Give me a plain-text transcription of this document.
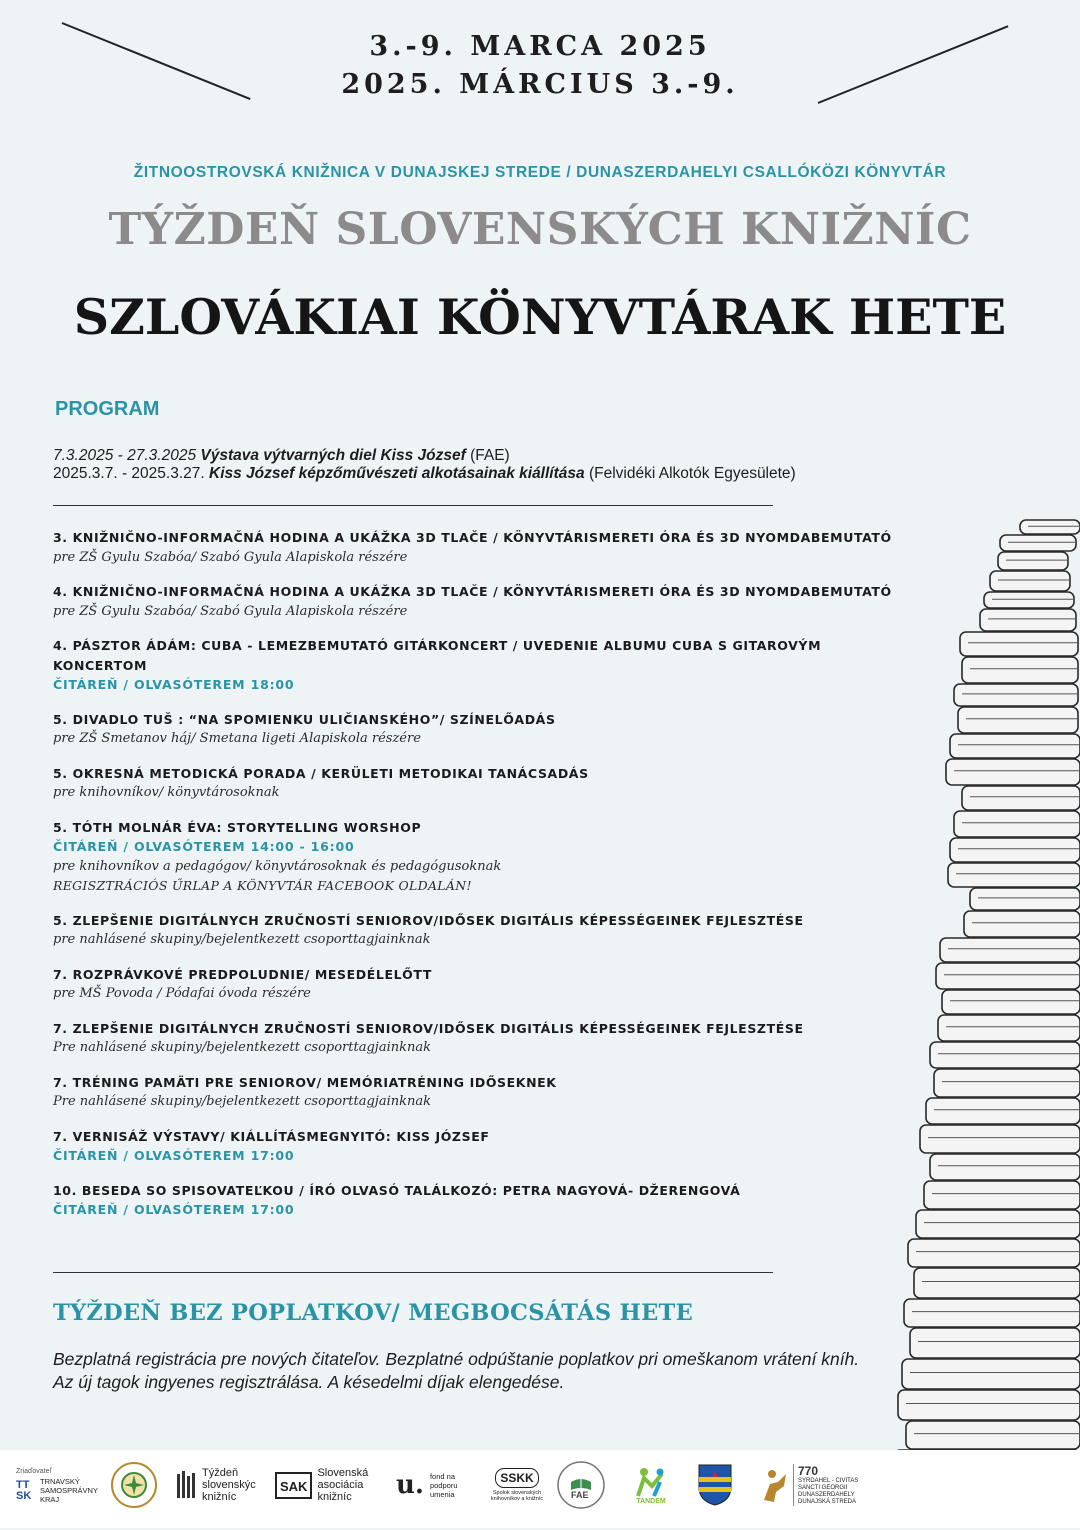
3.-9. MARCA 2025
2025. MÁRCIUS 3.-9.
ŽITNOOSTROVSKÁ KNIŽNICA V DUNAJSKEJ STREDE / DUNASZERDAHELYI CSALLÓKÖZI KÖNYVTÁR
TÝŽDEŇ SLOVENSKÝCH KNIŽNÍC
SZLOVÁKIAI KÖNYVTÁRAK HETE
PROGRAM
7.3.2025 - 27.3.2025 Výstava výtvarných diel Kiss József (FAE)
2025.3.7. - 2025.3.27. Kiss József képzőművészeti alkotásainak kiállítása (Felvidéki Alkotók Egyesülete)
3. KNIŽNIČNO-INFORMAČNÁ HODINA A UKÁŽKA 3D TLAČE / KÖNYVTÁRISMERETI ÓRA ÉS 3D NYOMDABEMUTATÓ
pre ZŠ Gyulu Szabóa/ Szabó Gyula Alapiskola részére
4. KNIŽNIČNO-INFORMAČNÁ HODINA A UKÁŽKA 3D TLAČE / KÖNYVTÁRISMERETI ÓRA ÉS 3D NYOMDABEMUTATÓ
pre ZŠ Gyulu Szabóa/ Szabó Gyula Alapiskola részére
4. PÁSZTOR ÁDÁM: CUBA - LEMEZBEMUTATÓ GITÁRKONCERT / UVEDENIE ALBUMU CUBA S GITAROVÝM KONCERTOM
ČITÁREŇ / OLVASÓTEREM 18:00
5. DIVADLO TUŠ : “NA SPOMIENKU ULIČIANSKÉHO”/ SZÍNELŐADÁS
pre ZŠ Smetanov háj/ Smetana ligeti Alapiskola részére
5. OKRESNÁ METODICKÁ PORADA / KERÜLETI METODIKAI TANÁCSADÁS
pre knihovníkov/ könyvtárosoknak
5. TÓTH MOLNÁR ÉVA: STORYTELLING WORSHOP
ČITÁREŇ / OLVASÓTEREM 14:00 - 16:00
pre knihovníkov a pedagógov/ könyvtárosoknak és pedagógusoknak
REGISZTRÁCIÓS ŰRLAP A KÖNYVTÁR FACEBOOK OLDALÁN!
5. ZLEPŠENIE DIGITÁLNYCH ZRUČNOSTÍ SENIOROV/IDŐSEK DIGITÁLIS KÉPESSÉGEINEK FEJLESZTÉSE
pre nahlásené skupiny/bejelentkezett csoporttagjainknak
7. ROZPRÁVKOVÉ PREDPOLUDNIE/ MESEDÉLELŐTT
pre MŠ Povoda / Pódafai óvoda részére
7. ZLEPŠENIE DIGITÁLNYCH ZRUČNOSTÍ SENIOROV/IDŐSEK DIGITÁLIS KÉPESSÉGEINEK FEJLESZTÉSE
Pre nahlásené skupiny/bejelentkezett csoporttagjainknak
7. TRÉNING PAMÄTI PRE SENIOROV/ MEMÓRIATRÉNING IDŐSEKNEK
Pre nahlásené skupiny/bejelentkezett csoporttagjainknak
7. VERNISÁŽ VÝSTAVY/ KIÁLLÍTÁSMEGNYITÓ: KISS JÓZSEF
ČITÁREŇ / OLVASÓTEREM 17:00
10. BESEDA SO SPISOVATEĽKOU / ÍRÓ OLVASÓ TALÁLKOZÓ: PETRA NAGYOVÁ- DŽERENGOVÁ
ČITÁREŇ / OLVASÓTEREM 17:00
TÝŽDEŇ BEZ POPLATKOV/ MEGBOCSÁTÁS HETE
Bezplatná registrácia pre nových čitateľov. Bezplatné odpúštanie poplatkov pri omeškanom vrátení kníh.
Az új tagok ingyenes regisztrálása. A késedelmi díjak elengedése.
Zriaďovateľ
TT SK
TRNAVSKÝ SAMOSPRÁVNY KRAJ
Týždeň slovenskýc knižníc
SAK
Slovenská asociácia knižníc	u. fond na podporu umenia
SSKK
Spolok slovenských knihovníkov a knižníc	FAE
TANDEM
770
SYRDAHEL - CIVITAS SANCTI GEORGII DUNASZERDAHELY DUNAJSKÁ STREDA
